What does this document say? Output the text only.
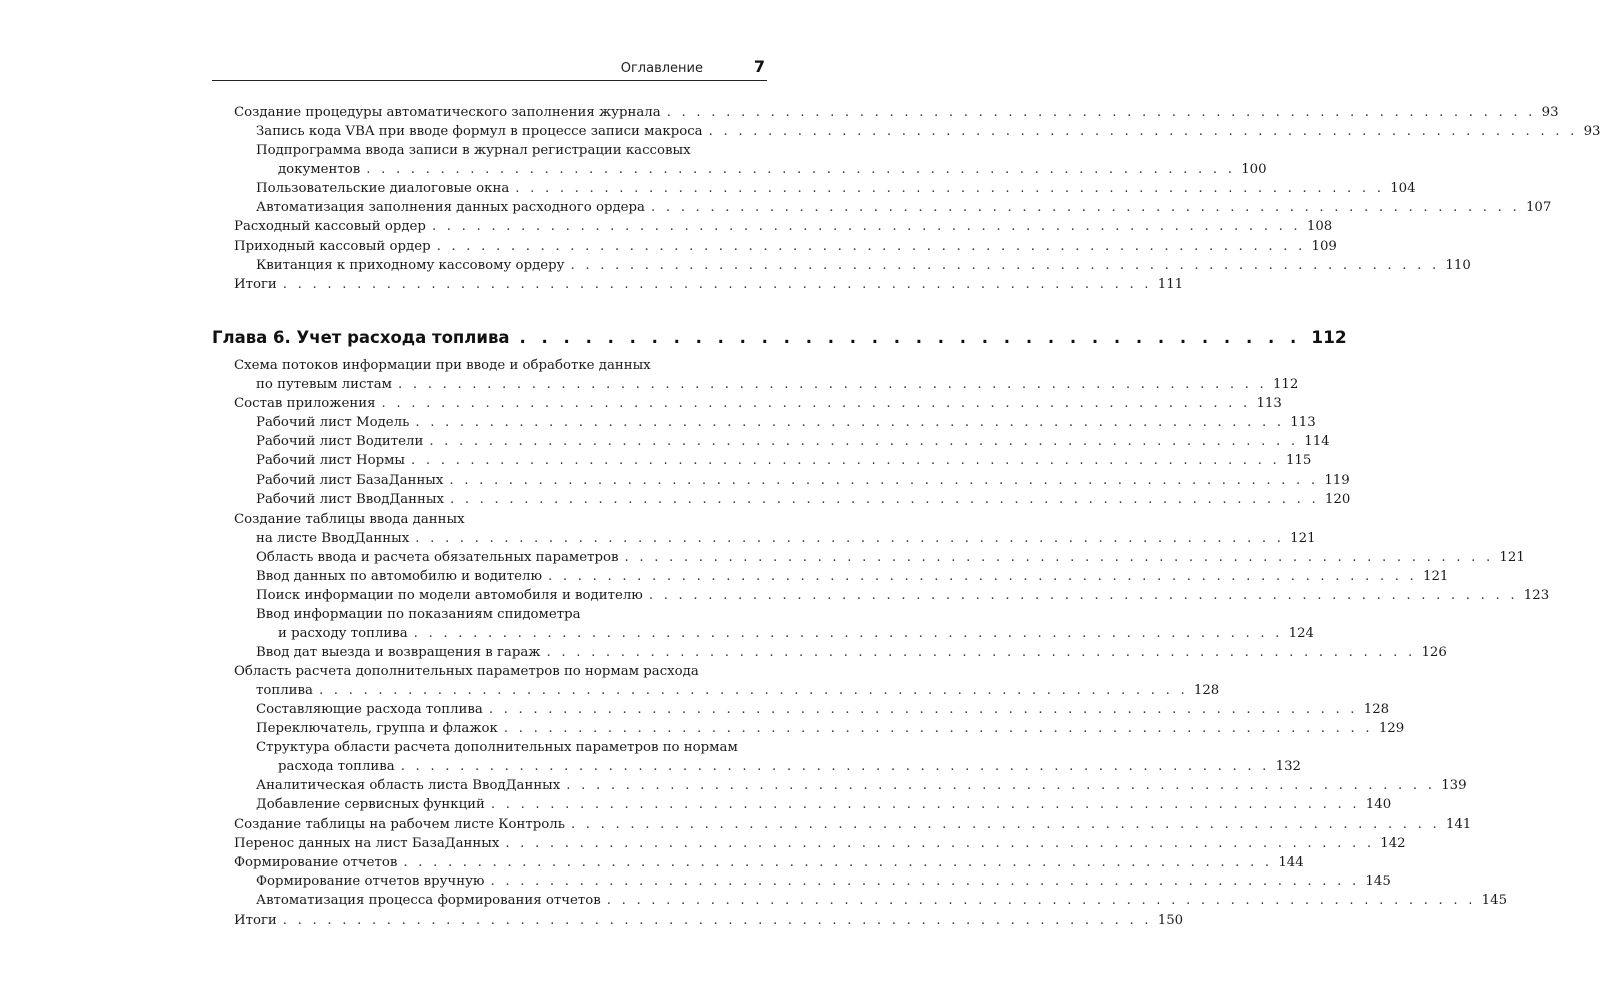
Оглавление	7
Глава 6. Учет расхода топлива . . . . . . . . . . . . . . . . . . . . . . . . . . . . . . . . . . . . 112
Создание процедуры автоматического заполнения журнала . . . . . . . . . . . . . . . . . . . . . . . . . . . . . . . . . . . . . . . . . . . . . . . . . . . . . . . . . . . 93
Запись кода VBA при вводе формул в процессе записи макроса . . . . . . . . . . . . . . . . . . . . . . . . . . . . . . . . . . . . . . . . . . . . . . . . . . . . . . . . . . . 93
Подпрограмма ввода записи в журнал регистрации кассовых
документов . . . . . . . . . . . . . . . . . . . . . . . . . . . . . . . . . . . . . . . . . . . . . . . . . . . . . . . . . . . 100
Пользовательские диалоговые окна . . . . . . . . . . . . . . . . . . . . . . . . . . . . . . . . . . . . . . . . . . . . . . . . . . . . . . . . . . . 104
Автоматизация заполнения данных расходного ордера . . . . . . . . . . . . . . . . . . . . . . . . . . . . . . . . . . . . . . . . . . . . . . . . . . . . . . . . . . . 107
Расходный кассовый ордер . . . . . . . . . . . . . . . . . . . . . . . . . . . . . . . . . . . . . . . . . . . . . . . . . . . . . . . . . . . 108
Приходный кассовый ордер . . . . . . . . . . . . . . . . . . . . . . . . . . . . . . . . . . . . . . . . . . . . . . . . . . . . . . . . . . . 109
Квитанция к приходному кассовому ордеру . . . . . . . . . . . . . . . . . . . . . . . . . . . . . . . . . . . . . . . . . . . . . . . . . . . . . . . . . . . 110
Итоги . . . . . . . . . . . . . . . . . . . . . . . . . . . . . . . . . . . . . . . . . . . . . . . . . . . . . . . . . . . 111
Схема потоков информации при вводе и обработке данных
по путевым листам . . . . . . . . . . . . . . . . . . . . . . . . . . . . . . . . . . . . . . . . . . . . . . . . . . . . . . . . . . . 112
Состав приложения . . . . . . . . . . . . . . . . . . . . . . . . . . . . . . . . . . . . . . . . . . . . . . . . . . . . . . . . . . . 113
Рабочий лист Модель . . . . . . . . . . . . . . . . . . . . . . . . . . . . . . . . . . . . . . . . . . . . . . . . . . . . . . . . . . . 113
Рабочий лист Водители . . . . . . . . . . . . . . . . . . . . . . . . . . . . . . . . . . . . . . . . . . . . . . . . . . . . . . . . . . . 114
Рабочий лист Нормы . . . . . . . . . . . . . . . . . . . . . . . . . . . . . . . . . . . . . . . . . . . . . . . . . . . . . . . . . . . 115
Рабочий лист БазаДанных . . . . . . . . . . . . . . . . . . . . . . . . . . . . . . . . . . . . . . . . . . . . . . . . . . . . . . . . . . . 119
Рабочий лист ВводДанных . . . . . . . . . . . . . . . . . . . . . . . . . . . . . . . . . . . . . . . . . . . . . . . . . . . . . . . . . . . 120
Создание таблицы ввода данных
на листе ВводДанных . . . . . . . . . . . . . . . . . . . . . . . . . . . . . . . . . . . . . . . . . . . . . . . . . . . . . . . . . . . 121
Область ввода и расчета обязательных параметров . . . . . . . . . . . . . . . . . . . . . . . . . . . . . . . . . . . . . . . . . . . . . . . . . . . . . . . . . . . 121
Ввод данных по автомобилю и водителю . . . . . . . . . . . . . . . . . . . . . . . . . . . . . . . . . . . . . . . . . . . . . . . . . . . . . . . . . . . 121
Поиск информации по модели автомобиля и водителю . . . . . . . . . . . . . . . . . . . . . . . . . . . . . . . . . . . . . . . . . . . . . . . . . . . . . . . . . . . 123
Ввод информации по показаниям спидометра
и расходу топлива . . . . . . . . . . . . . . . . . . . . . . . . . . . . . . . . . . . . . . . . . . . . . . . . . . . . . . . . . . . 124
Ввод дат выезда и возвращения в гараж . . . . . . . . . . . . . . . . . . . . . . . . . . . . . . . . . . . . . . . . . . . . . . . . . . . . . . . . . . . 126
Область расчета дополнительных параметров по нормам расхода
топлива . . . . . . . . . . . . . . . . . . . . . . . . . . . . . . . . . . . . . . . . . . . . . . . . . . . . . . . . . . . 128
Составляющие расхода топлива . . . . . . . . . . . . . . . . . . . . . . . . . . . . . . . . . . . . . . . . . . . . . . . . . . . . . . . . . . . 128
Переключатель, группа и флажок . . . . . . . . . . . . . . . . . . . . . . . . . . . . . . . . . . . . . . . . . . . . . . . . . . . . . . . . . . . 129
Структура области расчета дополнительных параметров по нормам
расхода топлива . . . . . . . . . . . . . . . . . . . . . . . . . . . . . . . . . . . . . . . . . . . . . . . . . . . . . . . . . . . 132
Аналитическая область листа ВводДанных . . . . . . . . . . . . . . . . . . . . . . . . . . . . . . . . . . . . . . . . . . . . . . . . . . . . . . . . . . . 139
Добавление сервисных функций . . . . . . . . . . . . . . . . . . . . . . . . . . . . . . . . . . . . . . . . . . . . . . . . . . . . . . . . . . . 140
Создание таблицы на рабочем листе Контроль . . . . . . . . . . . . . . . . . . . . . . . . . . . . . . . . . . . . . . . . . . . . . . . . . . . . . . . . . . . 141
Перенос данных на лист БазаДанных . . . . . . . . . . . . . . . . . . . . . . . . . . . . . . . . . . . . . . . . . . . . . . . . . . . . . . . . . . . 142
Формирование отчетов . . . . . . . . . . . . . . . . . . . . . . . . . . . . . . . . . . . . . . . . . . . . . . . . . . . . . . . . . . . 144
Формирование отчетов вручную . . . . . . . . . . . . . . . . . . . . . . . . . . . . . . . . . . . . . . . . . . . . . . . . . . . . . . . . . . . 145
Автоматизация процесса формирования отчетов . . . . . . . . . . . . . . . . . . . . . . . . . . . . . . . . . . . . . . . . . . . . . . . . . . . . . . . . . . . 145
Итоги . . . . . . . . . . . . . . . . . . . . . . . . . . . . . . . . . . . . . . . . . . . . . . . . . . . . . . . . . . . 150
